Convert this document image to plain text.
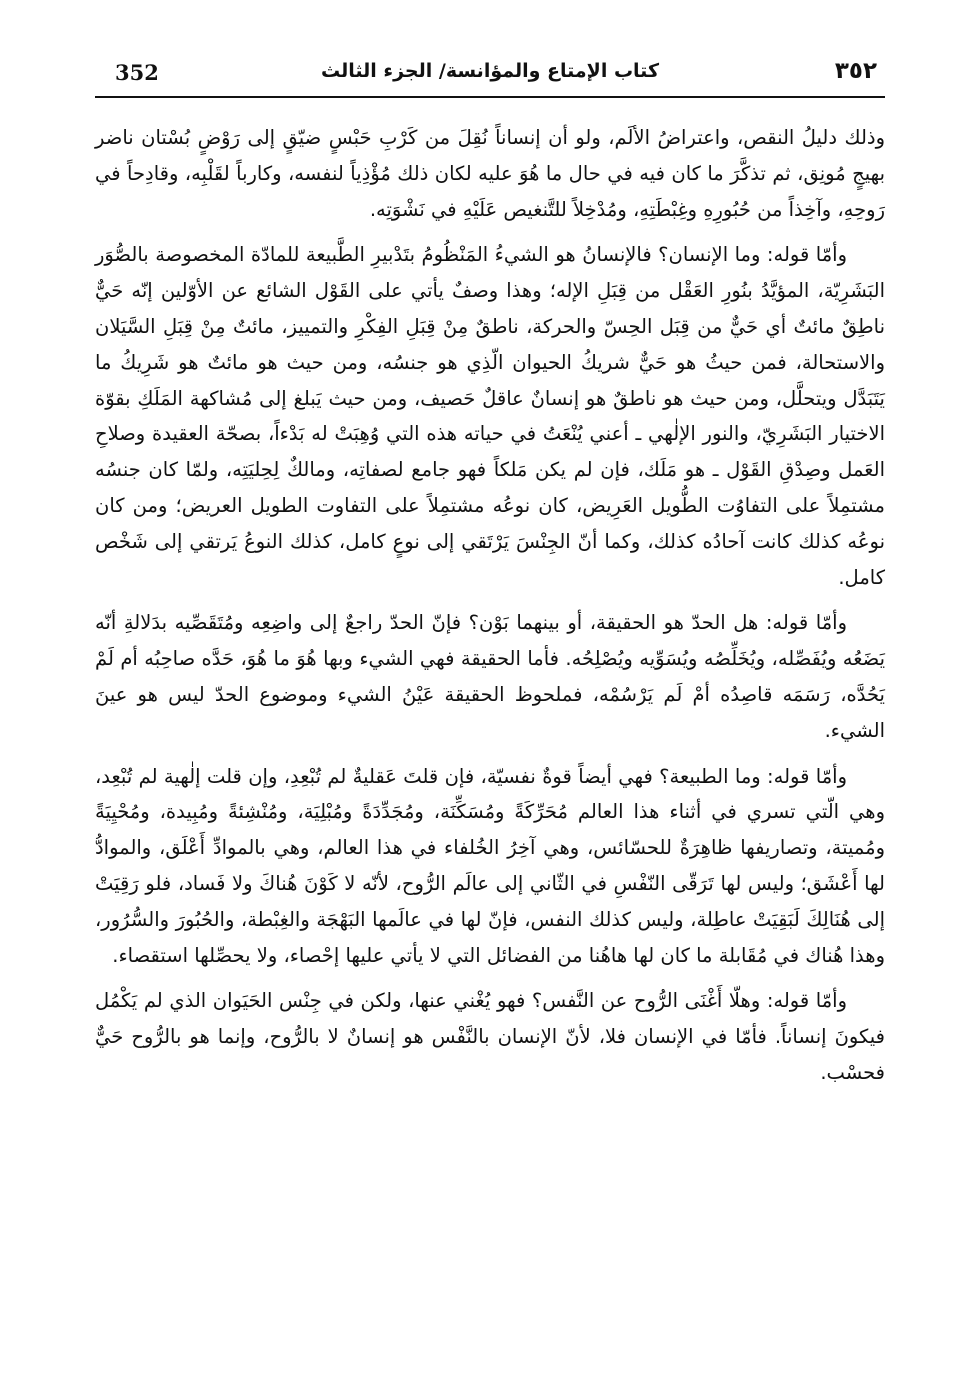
352	كتاب الإمتاع والمؤانسة/ الجزء الثالث	٣٥٢

وذلك دليلُ النقص، واعتراضُ الألَم، ولو أن إنساناً نُقِلَ من كَرْبِ حَبْسٍ ضيّقٍ إلى رَوْضٍ بُسْتان ناضر بهيجٍ مُونِق، ثم تذكَّرَ ما كان فيه في حال ما هُوَ عليه لكان ذلك مُؤْذِياً لنفسه، وكارباً لقَلْبِه، وقادِحاً في رَوحِهِ، وآخِذاً من حُبُورِهِ وغِبْطَتِهِ، ومُدْخِلاً للتَّنغيص عَلَيْهِ في نَشْوَتِه.

وأمّا قوله: وما الإنسان؟ فالإنسانُ هو الشيءُ المَنْظُومُ بتَدْبيرِ الطَّبيعة للمادّة المخصوصة بالصُّوَر البَشَرِيّة، المؤيَّدُ بنُورِ العَقْل من قِبَلِ الإله؛ وهذا وصفٌ يأتي على القَوْل الشائع عن الأوّلين إنّه حَيٌّ ناطِقٌ مائتٌ أي حَيٌّ من قِبَل الحِسّ والحركة، ناطقٌ مِنْ قِبَلِ الفِكْرِ والتمييز، مائتٌ مِنْ قِبَلِ السَّيَلان والاستحالة، فمن حيثُ هو حَيٌّ شريكُ الحيوان الّذِي هو جنسُه، ومن حيث هو مائتٌ هو شَرِيكُ ما يَتَبَدَّل ويتحلَّل، ومن حيث هو ناطقٌ هو إنسانٌ عاقلٌ حَصيف، ومن حيث يَبلغ إلى مُشاكهة المَلَكِ بقوّة الاختيار البَشَرِيّ، والنور الإلٰهي ـ أعني يُنْعَتُ في حياته هذه التي وُهِبَتْ له بَدْءاً، بصحّة العقيدة وصلاحِ العَمل وصِدْقِ القَوْل ـ هو مَلَك، فإن لم يكن مَلكاً فهو جامع لصفاتِه، ومالكٌ لِحِليَتِه، ولمّا كان جنسُه مشتمِلاً على التفاوُت الطُّويل العَرِيض، كان نوعُه مشتمِلاً على التفاوت الطويل العريض؛ ومن كان نوعُه كذلك كانت آحادُه كذلك، وكما أنّ الجِنْسَ يَرْتَقي إلى نوعٍ كامل، كذلك النوعُ يَرتقي إلى شَخْص كامل.

وأمّا قوله: هل الحدّ هو الحقيقة، أو بينهما بَوْن؟ فإنّ الحدّ راجعٌ إلى واضِعِه ومُتَقَصِّيه بدَلالةِ أنّه يَضَعُه ويُفَصِّله، ويُخَلِّصُه ويُسَوِّيه ويُصْلِحُه. فأما الحقيقة فهي الشيء وبها هُوَ ما هُوَ، حَدَّه صاحِبُه أم لَمْ يَحُدَّه، رَسَمَه قاصِدُه أمْ لَم يَرْسُمْه، فملحوظ الحقيقة عَيْنُ الشيء وموضوع الحدّ ليس هو عينَ الشيء.

وأمّا قوله: وما الطبيعة؟ فهي أيضاً قوةٌ نفسيّة، فإن قلتَ عَقليةٌ لم تُبْعِدِ، وإن قلت إلٰهية لم تُبْعِد، وهي الّتي تسري في أثناء هذا العالم مُحَرِّكَةً ومُسَكِّنَة، ومُجَدِّدَةً ومُبْلِيَة، ومُنْشِئةً ومُبِيدة، ومُحْيِيَةً ومُميتة، وتصاريفها ظاهِرَةٌ للحسّائس، وهي آخِرُ الخُلفاء في هذا العالم، وهي بالموادِّ أَعْلَق، والموادُّ لها أَعْشَق؛ وليس لها تَرَقّى النّفْسِ في الثّاني إلى عالَم الرُّوح، لأنّه لا كَوْنَ هُناكَ ولا فَساد، فلو رَقِيَتْ إلى هُنَالِكَ لَبَقِيَتْ عاطِلة، وليس كذلك النفس، فإنّ لها في عالَمها البَهْجَة والغِبْطة، والحُبُورَ والسُّرُور، وهذا هُناك في مُقَابلة ما كان لها هاهُنا من الفضائل التي لا يأتي عليها إحْصاء، ولا يحصِّلها استقصاء.

وأمّا قوله: وهلّا أَغْنَى الرُّوح عن النَّفس؟ فهو يُغْني عنها، ولكن في جِنْس الحَيَوان الذي لم يَكْمُل فيكونَ إنساناً. فأمّا في الإنسان فلا، لأنّ الإنسان بالنَّفْس هو إنسانٌ لا بالرُّوح، وإنما هو بالرُّوح حَيٌّ فحسْب.
